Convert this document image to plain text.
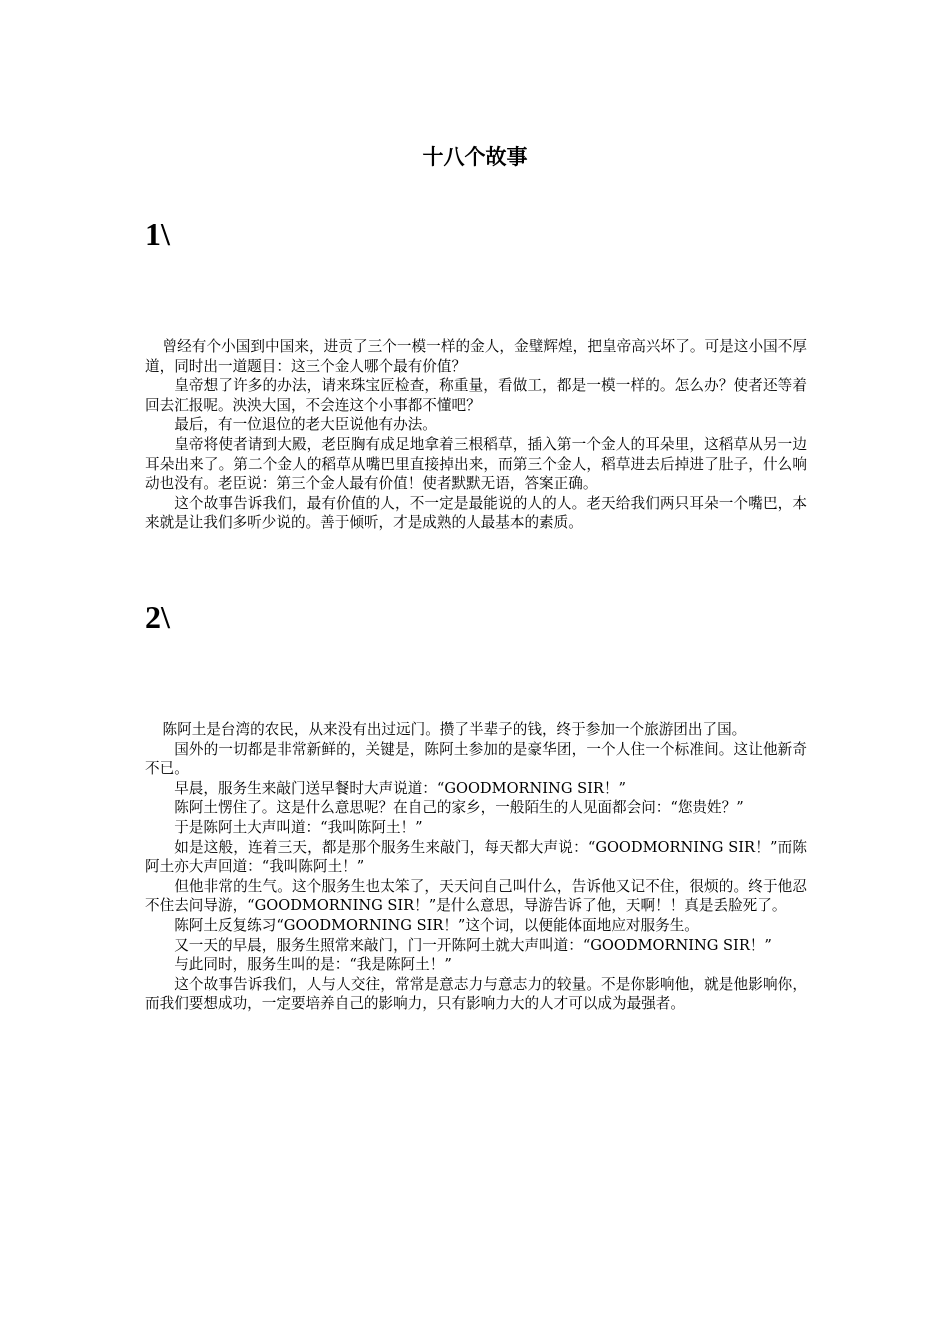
十八个故事
1\

曾经有个小国到中国来，进贡了三个一模一样的金人，金璧辉煌，把皇帝高兴坏了。可是这小国不厚道，同时出一道题目：这三个金人哪个最有价值？

皇帝想了许多的办法，请来珠宝匠检查，称重量，看做工，都是一模一样的。怎么办？使者还等着回去汇报呢。泱泱大国，不会连这个小事都不懂吧？

最后，有一位退位的老大臣说他有办法。

皇帝将使者请到大殿，老臣胸有成足地拿着三根稻草，插入第一个金人的耳朵里，这稻草从另一边耳朵出来了。第二个金人的稻草从嘴巴里直接掉出来，而第三个金人，稻草进去后掉进了肚子，什么响动也没有。老臣说：第三个金人最有价值！使者默默无语，答案正确。

这个故事告诉我们，最有价值的人，不一定是最能说的人的人。老天给我们两只耳朵一个嘴巴，本来就是让我们多听少说的。善于倾听，才是成熟的人最基本的素质。

2\

陈阿土是台湾的农民，从来没有出过远门。攒了半辈子的钱，终于参加一个旅游团出了国。

国外的一切都是非常新鲜的，关键是，陈阿土参加的是豪华团，一个人住一个标准间。这让他新奇不已。

早晨，服务生来敲门送早餐时大声说道：“GOODMORNING SIR！”

陈阿土愣住了。这是什么意思呢？在自己的家乡，一般陌生的人见面都会问：“您贵姓？”

于是陈阿土大声叫道：“我叫陈阿土！”

如是这般，连着三天，都是那个服务生来敲门，每天都大声说：“GOODMORNING SIR！”而陈阿土亦大声回道：“我叫陈阿土！”

但他非常的生气。这个服务生也太笨了，天天问自己叫什么，告诉他又记不住，很烦的。终于他忍不住去问导游，“GOODMORNING SIR！”是什么意思，导游告诉了他，天啊！！真是丢脸死了。

陈阿土反复练习“GOODMORNING SIR！”这个词，以便能体面地应对服务生。

又一天的早晨，服务生照常来敲门，门一开陈阿土就大声叫道：“GOODMORNING SIR！”

与此同时，服务生叫的是：“我是陈阿土！”

这个故事告诉我们，人与人交往，常常是意志力与意志力的较量。不是你影响他，就是他影响你，而我们要想成功，一定要培养自己的影响力，只有影响力大的人才可以成为最强者。
